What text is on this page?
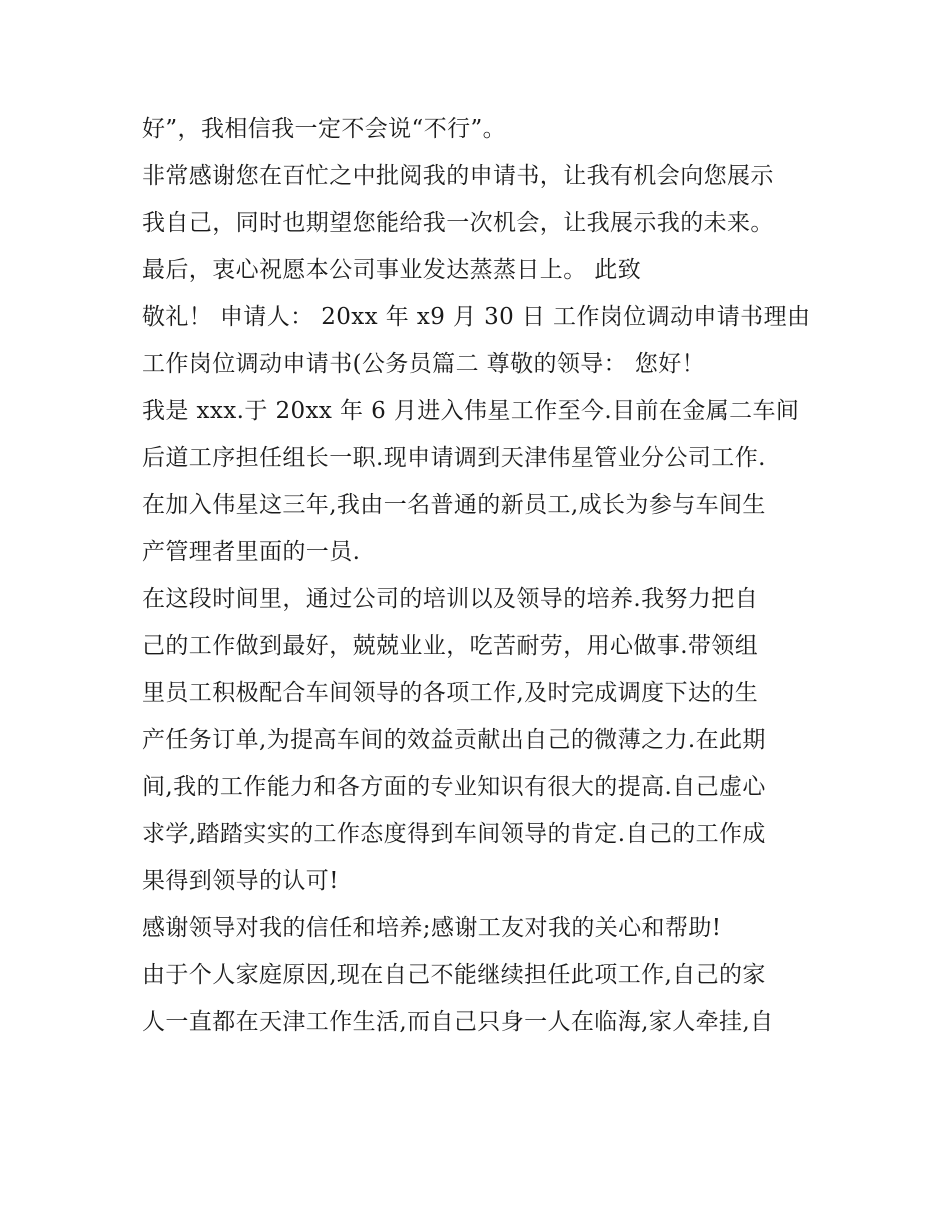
好”，我相信我一定不会说“不行”。
非常感谢您在百忙之中批阅我的申请书，让我有机会向您展示
我自己，同时也期望您能给我一次机会，让我展示我的未来。
最后，衷心祝愿本公司事业发达蒸蒸日上。 此致
敬礼！ 申请人： 20xx 年 x9 月 30 日 工作岗位调动申请书理由
工作岗位调动申请书(公务员篇二 尊敬的领导： 您好！
我是 xxx.于 20xx 年 6 月进入伟星工作至今.目前在金属二车间
后道工序担任组长一职.现申请调到天津伟星管业分公司工作.
在加入伟星这三年,我由一名普通的新员工,成长为参与车间生
产管理者里面的一员.
在这段时间里，通过公司的培训以及领导的培养.我努力把自
己的工作做到最好，兢兢业业，吃苦耐劳，用心做事.带领组
里员工积极配合车间领导的各项工作,及时完成调度下达的生
产任务订单,为提高车间的效益贡献出自己的微薄之力.在此期
间,我的工作能力和各方面的专业知识有很大的提高.自己虚心
求学,踏踏实实的工作态度得到车间领导的肯定.自己的工作成
果得到领导的认可!
感谢领导对我的信任和培养;感谢工友对我的关心和帮助!
由于个人家庭原因,现在自己不能继续担任此项工作,自己的家
人一直都在天津工作生活,而自己只身一人在临海,家人牵挂,自
